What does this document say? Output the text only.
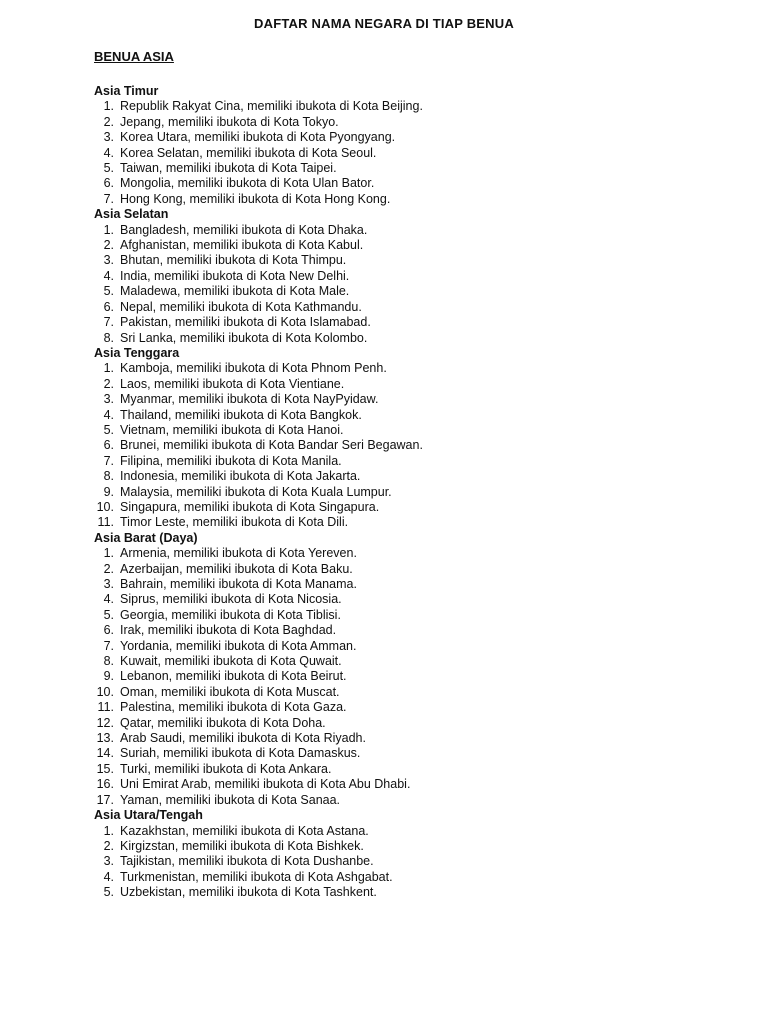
DAFTAR NAMA NEGARA DI TIAP BENUA
BENUA ASIA
Asia Timur
1. Republik Rakyat Cina, memiliki ibukota di Kota Beijing.
2. Jepang, memiliki ibukota di Kota Tokyo.
3. Korea Utara, memiliki ibukota di Kota Pyongyang.
4. Korea Selatan, memiliki ibukota di Kota Seoul.
5. Taiwan, memiliki ibukota di Kota Taipei.
6. Mongolia, memiliki ibukota di Kota Ulan Bator.
7. Hong Kong, memiliki ibukota di Kota Hong Kong.
Asia Selatan
1. Bangladesh, memiliki ibukota di Kota Dhaka.
2. Afghanistan, memiliki ibukota di Kota Kabul.
3. Bhutan, memiliki ibukota di Kota Thimpu.
4. India, memiliki ibukota di Kota New Delhi.
5. Maladewa, memiliki ibukota di Kota Male.
6. Nepal, memiliki ibukota di Kota Kathmandu.
7. Pakistan, memiliki ibukota di Kota Islamabad.
8. Sri Lanka, memiliki ibukota di Kota Kolombo.
Asia Tenggara
1. Kamboja, memiliki ibukota di Kota Phnom Penh.
2. Laos, memiliki ibukota di Kota Vientiane.
3. Myanmar, memiliki ibukota di Kota NayPyidaw.
4. Thailand, memiliki ibukota di Kota Bangkok.
5. Vietnam, memiliki ibukota di Kota Hanoi.
6. Brunei, memiliki ibukota di Kota Bandar Seri Begawan.
7. Filipina, memiliki ibukota di Kota Manila.
8. Indonesia, memiliki ibukota di Kota Jakarta.
9. Malaysia, memiliki ibukota di Kota Kuala Lumpur.
10. Singapura, memiliki ibukota di Kota Singapura.
11. Timor Leste, memiliki ibukota di Kota Dili.
Asia Barat (Daya)
1. Armenia, memiliki ibukota di Kota Yereven.
2. Azerbaijan, memiliki ibukota di Kota Baku.
3. Bahrain, memiliki ibukota di Kota Manama.
4. Siprus, memiliki ibukota di Kota Nicosia.
5. Georgia, memiliki ibukota di Kota Tiblisi.
6. Irak, memiliki ibukota di Kota Baghdad.
7. Yordania, memiliki ibukota di Kota Amman.
8. Kuwait, memiliki ibukota di Kota Quwait.
9. Lebanon, memiliki ibukota di Kota Beirut.
10. Oman, memiliki ibukota di Kota Muscat.
11. Palestina, memiliki ibukota di Kota Gaza.
12. Qatar, memiliki ibukota di Kota Doha.
13. Arab Saudi, memiliki ibukota di Kota Riyadh.
14. Suriah, memiliki ibukota di Kota Damaskus.
15. Turki, memiliki ibukota di Kota Ankara.
16. Uni Emirat Arab, memiliki ibukota di Kota Abu Dhabi.
17. Yaman, memiliki ibukota di Kota Sanaa.
Asia Utara/Tengah
1. Kazakhstan, memiliki ibukota di Kota Astana.
2. Kirgizstan, memiliki ibukota di Kota Bishkek.
3. Tajikistan, memiliki ibukota di Kota Dushanbe.
4. Turkmenistan, memiliki ibukota di Kota Ashgabat.
5. Uzbekistan, memiliki ibukota di Kota Tashkent.
